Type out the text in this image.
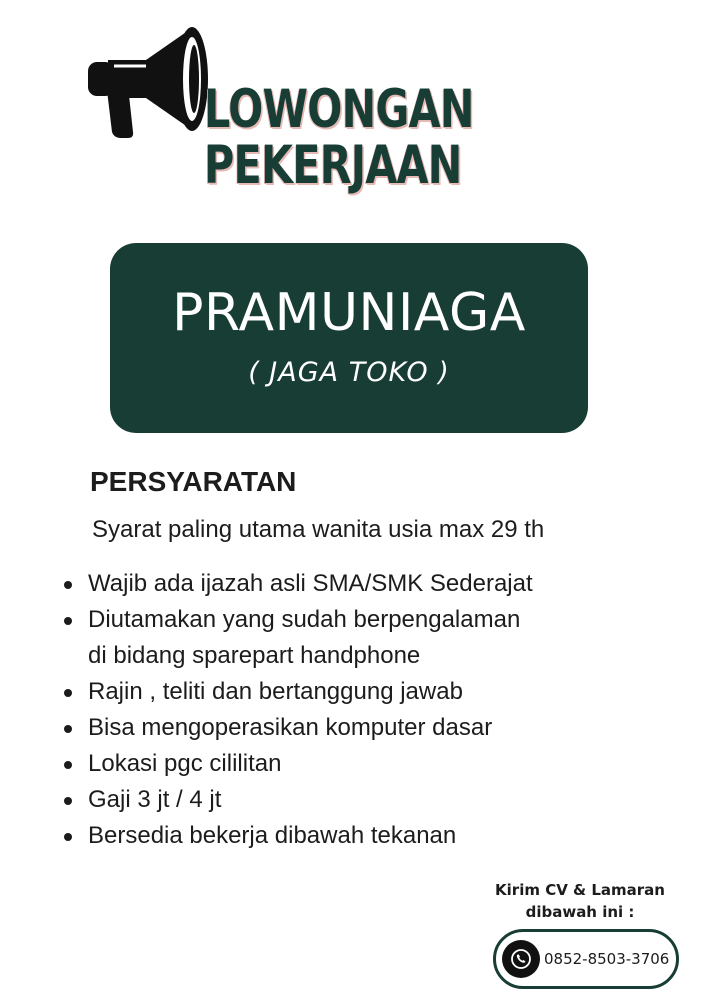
LOWONGAN
PEKERJAAN
PRAMUNIAGA
( JAGA TOKO )
PERSYARATAN
Syarat paling utama wanita usia max 29 th
Wajib ada ijazah asli SMA/SMK Sederajat
Diutamakan yang sudah berpengalaman
di bidang sparepart handphone
Rajin , teliti dan bertanggung jawab
Bisa mengoperasikan komputer dasar
Lokasi pgc cililitan
Gaji 3 jt / 4 jt
Bersedia bekerja dibawah tekanan
Kirim CV & Lamaran
dibawah ini :
0852-8503-3706
